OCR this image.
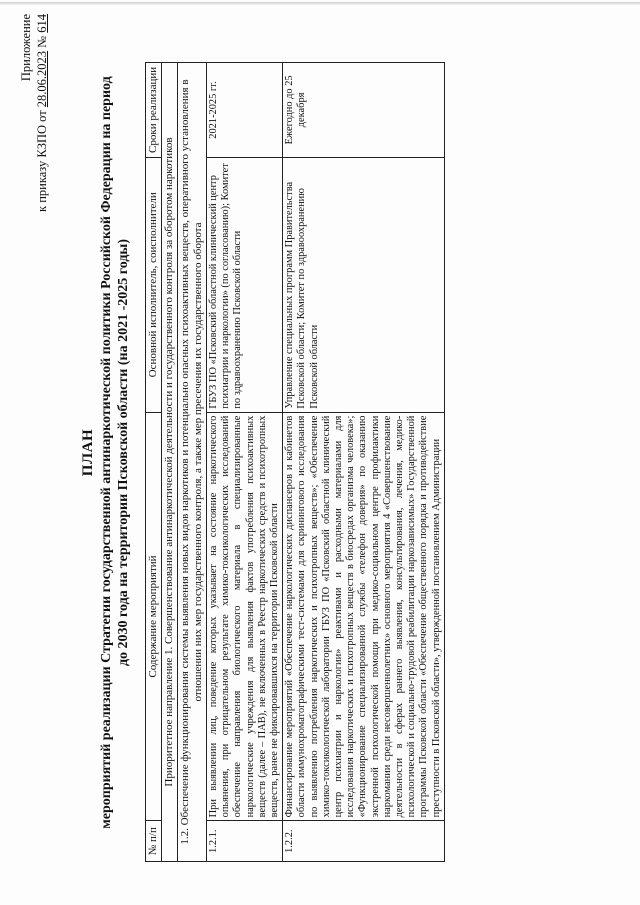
Приложение
к приказу КЗПО от 28.06.2023 № 614
ПЛАН мероприятий реализации Стратегии государственной антинаркотической политики Российской Федерации на период до 2030 года на территории Псковской области (на 2021 -2025 годы)
№ п/п	Содержание мероприятий	Основной исполнитель, соисполнители	Сроки реализации
Приоритетное направление 1. Совершенствование антинаркотической деятельности и государственного контроля за оборотом наркотиков			
1.2. Обеспечение функционирования системы выявления новых видов наркотиков и потенциально опасных психоактивных веществ, оперативного установления в отношении них мер государственного контроля, а также мер пресечения их государственного оборота			
1.2.1.	При выявлении лиц, поведение которых указывает на состояние наркотического опьянения, при отрицательном результате химико-токсикологических исследований обеспечение направления биологического материала в специализированные наркологические учреждения для выявления фактов употребления психоактивных веществ (далее – ПАВ), не включенных в Реестр наркотических средств и психотропных веществ, ранее не фиксировавшихся на территории Псковской области	ГБУЗ ПО «Псковский областной клинический центр психиатрии и наркологии» (по согласованию); Комитет по здравоохранению Псковской области	2021-2025 гг.
1.2.2.	Финансирование мероприятий «Обеспечение наркологических диспансеров и кабинетов области иммунохроматографическими тест-системами для скринингового исследования по выявлению потребления наркотических и психотропных веществ»; «Обеспечение химико-токсикологической лаборатории ГБУЗ ПО «Псковский областной клинический центр психиатрии и наркологии» реактивами и расходными материалами для исследования наркотических и психотропных веществ в биосредах организма человека»; «Функционирование специализированной службы «телефон доверия» по оказанию экстренной психологической помощи при медико-социальном центре профилактики наркомании среди несовершеннолетних» основного мероприятия 4 «Совершенствование деятельности в сферах раннего выявления, консультирования, лечения, медико-психологической и социально-трудовой реабилитации наркозависимых» Государственной программы Псковской области «Обеспечение общественного порядка и противодействие преступности в Псковской области», утвержденной постановлением Администрации	Управление специальных программ Правительства Псковской области; Комитет по здравоохранению Псковской области	Ежегодно до 25 декабря
